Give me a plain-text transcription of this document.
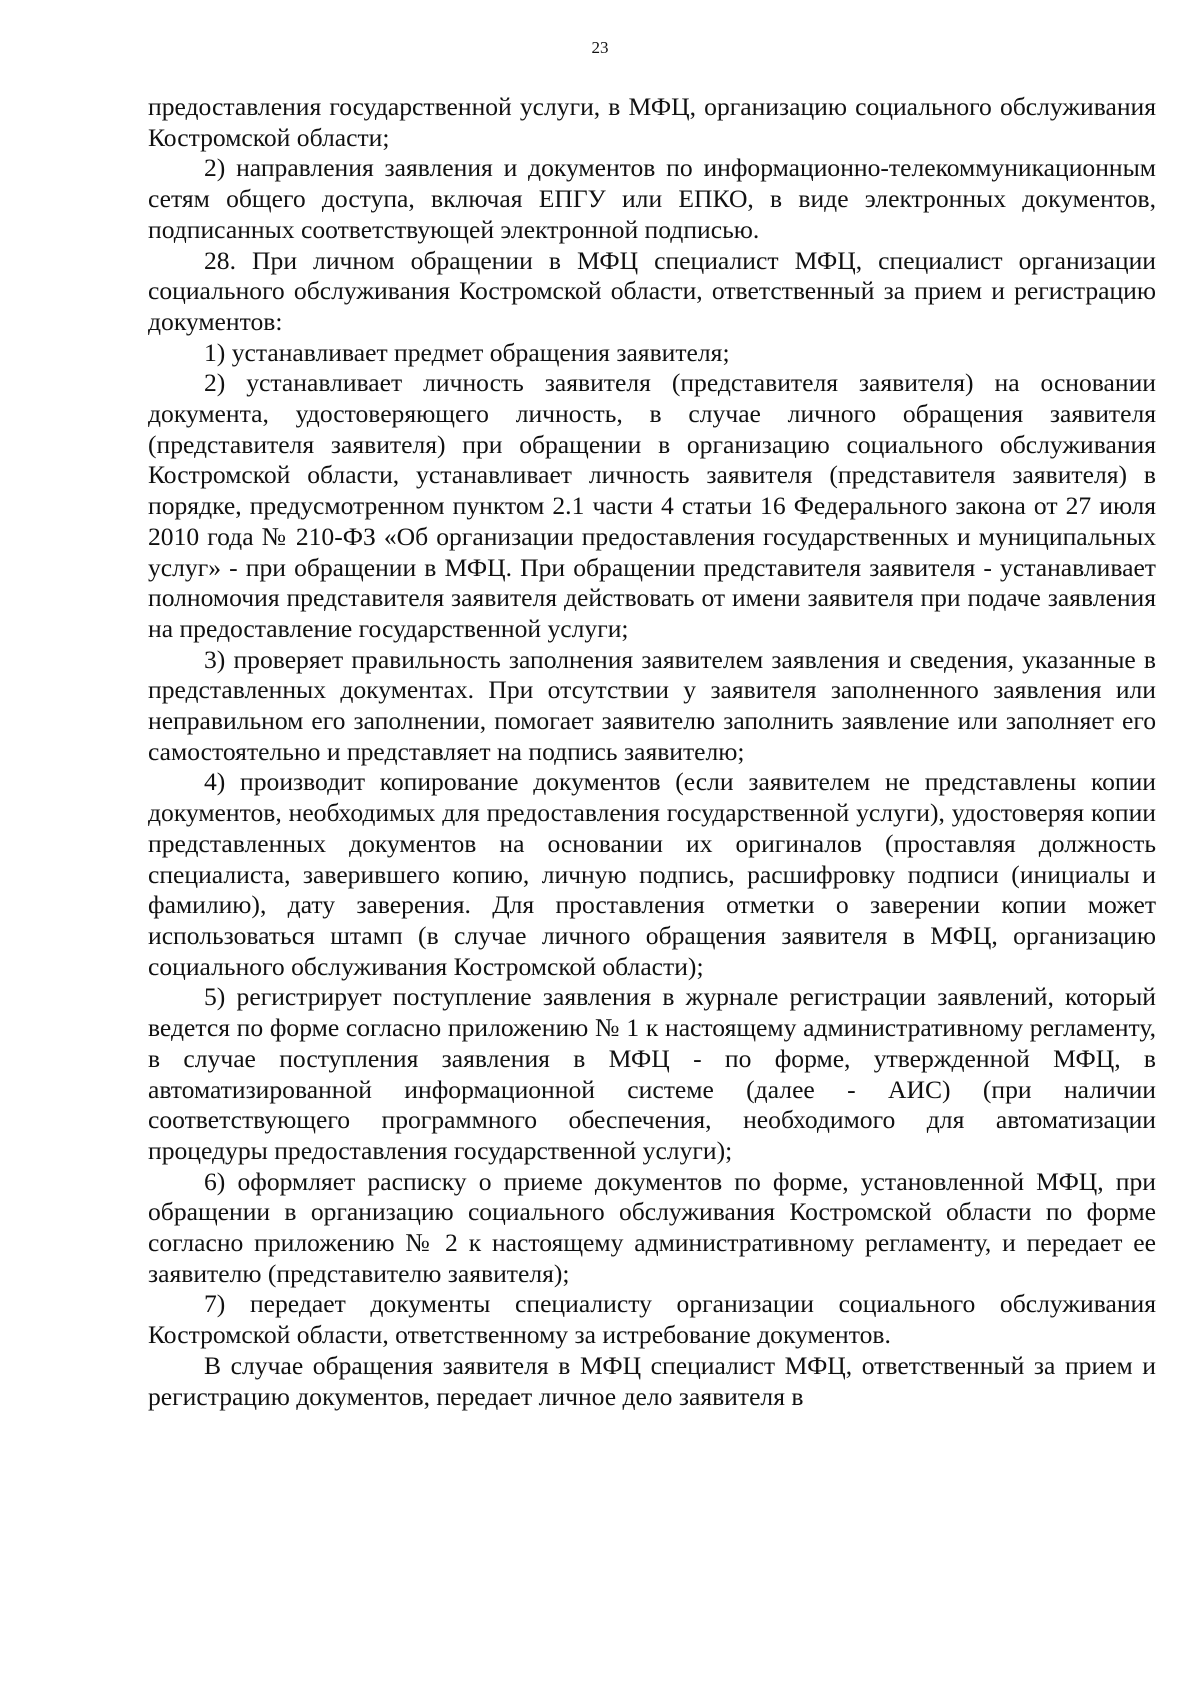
23

предоставления государственной услуги, в МФЦ, организацию социального обслуживания Костромской области;

2) направления заявления и документов по информационно-телекоммуникационным сетям общего доступа, включая ЕПГУ или ЕПКО, в виде электронных документов, подписанных соответствующей электронной подписью.

28. При личном обращении в МФЦ специалист МФЦ, специалист организации социального обслуживания Костромской области, ответственный за прием и регистрацию документов:

1) устанавливает предмет обращения заявителя;

2) устанавливает личность заявителя (представителя заявителя) на основании документа, удостоверяющего личность, в случае личного обращения заявителя (представителя заявителя) при обращении в организацию социального обслуживания Костромской области, устанавливает личность заявителя (представителя заявителя) в порядке, предусмотренном пунктом 2.1 части 4 статьи 16 Федерального закона от 27 июля 2010 года № 210-ФЗ «Об организации предоставления государственных и муниципальных услуг» - при обращении в МФЦ. При обращении представителя заявителя - устанавливает полномочия представителя заявителя действовать от имени заявителя при подаче заявления на предоставление государственной услуги;

3) проверяет правильность заполнения заявителем заявления и сведения, указанные в представленных документах. При отсутствии у заявителя заполненного заявления или неправильном его заполнении, помогает заявителю заполнить заявление или заполняет его самостоятельно и представляет на подпись заявителю;

4) производит копирование документов (если заявителем не представлены копии документов, необходимых для предоставления государственной услуги), удостоверяя копии представленных документов на основании их оригиналов (проставляя должность специалиста, заверившего копию, личную подпись, расшифровку подписи (инициалы и фамилию), дату заверения. Для проставления отметки о заверении копии может использоваться штамп (в случае личного обращения заявителя в МФЦ, организацию социального обслуживания Костромской области);

5) регистрирует поступление заявления в журнале регистрации заявлений, который ведется по форме согласно приложению № 1 к настоящему административному регламенту, в случае поступления заявления в МФЦ - по форме, утвержденной МФЦ, в автоматизированной информационной системе (далее - АИС) (при наличии соответствующего программного обеспечения, необходимого для автоматизации процедуры предоставления государственной услуги);

6) оформляет расписку о приеме документов по форме, установленной МФЦ, при обращении в организацию социального обслуживания Костромской области по форме согласно приложению № 2 к настоящему административному регламенту, и передает ее заявителю (представителю заявителя);

7) передает документы специалисту организации социального обслуживания Костромской области, ответственному за истребование документов.

В случае обращения заявителя в МФЦ специалист МФЦ, ответственный за прием и регистрацию документов, передает личное дело заявителя в
